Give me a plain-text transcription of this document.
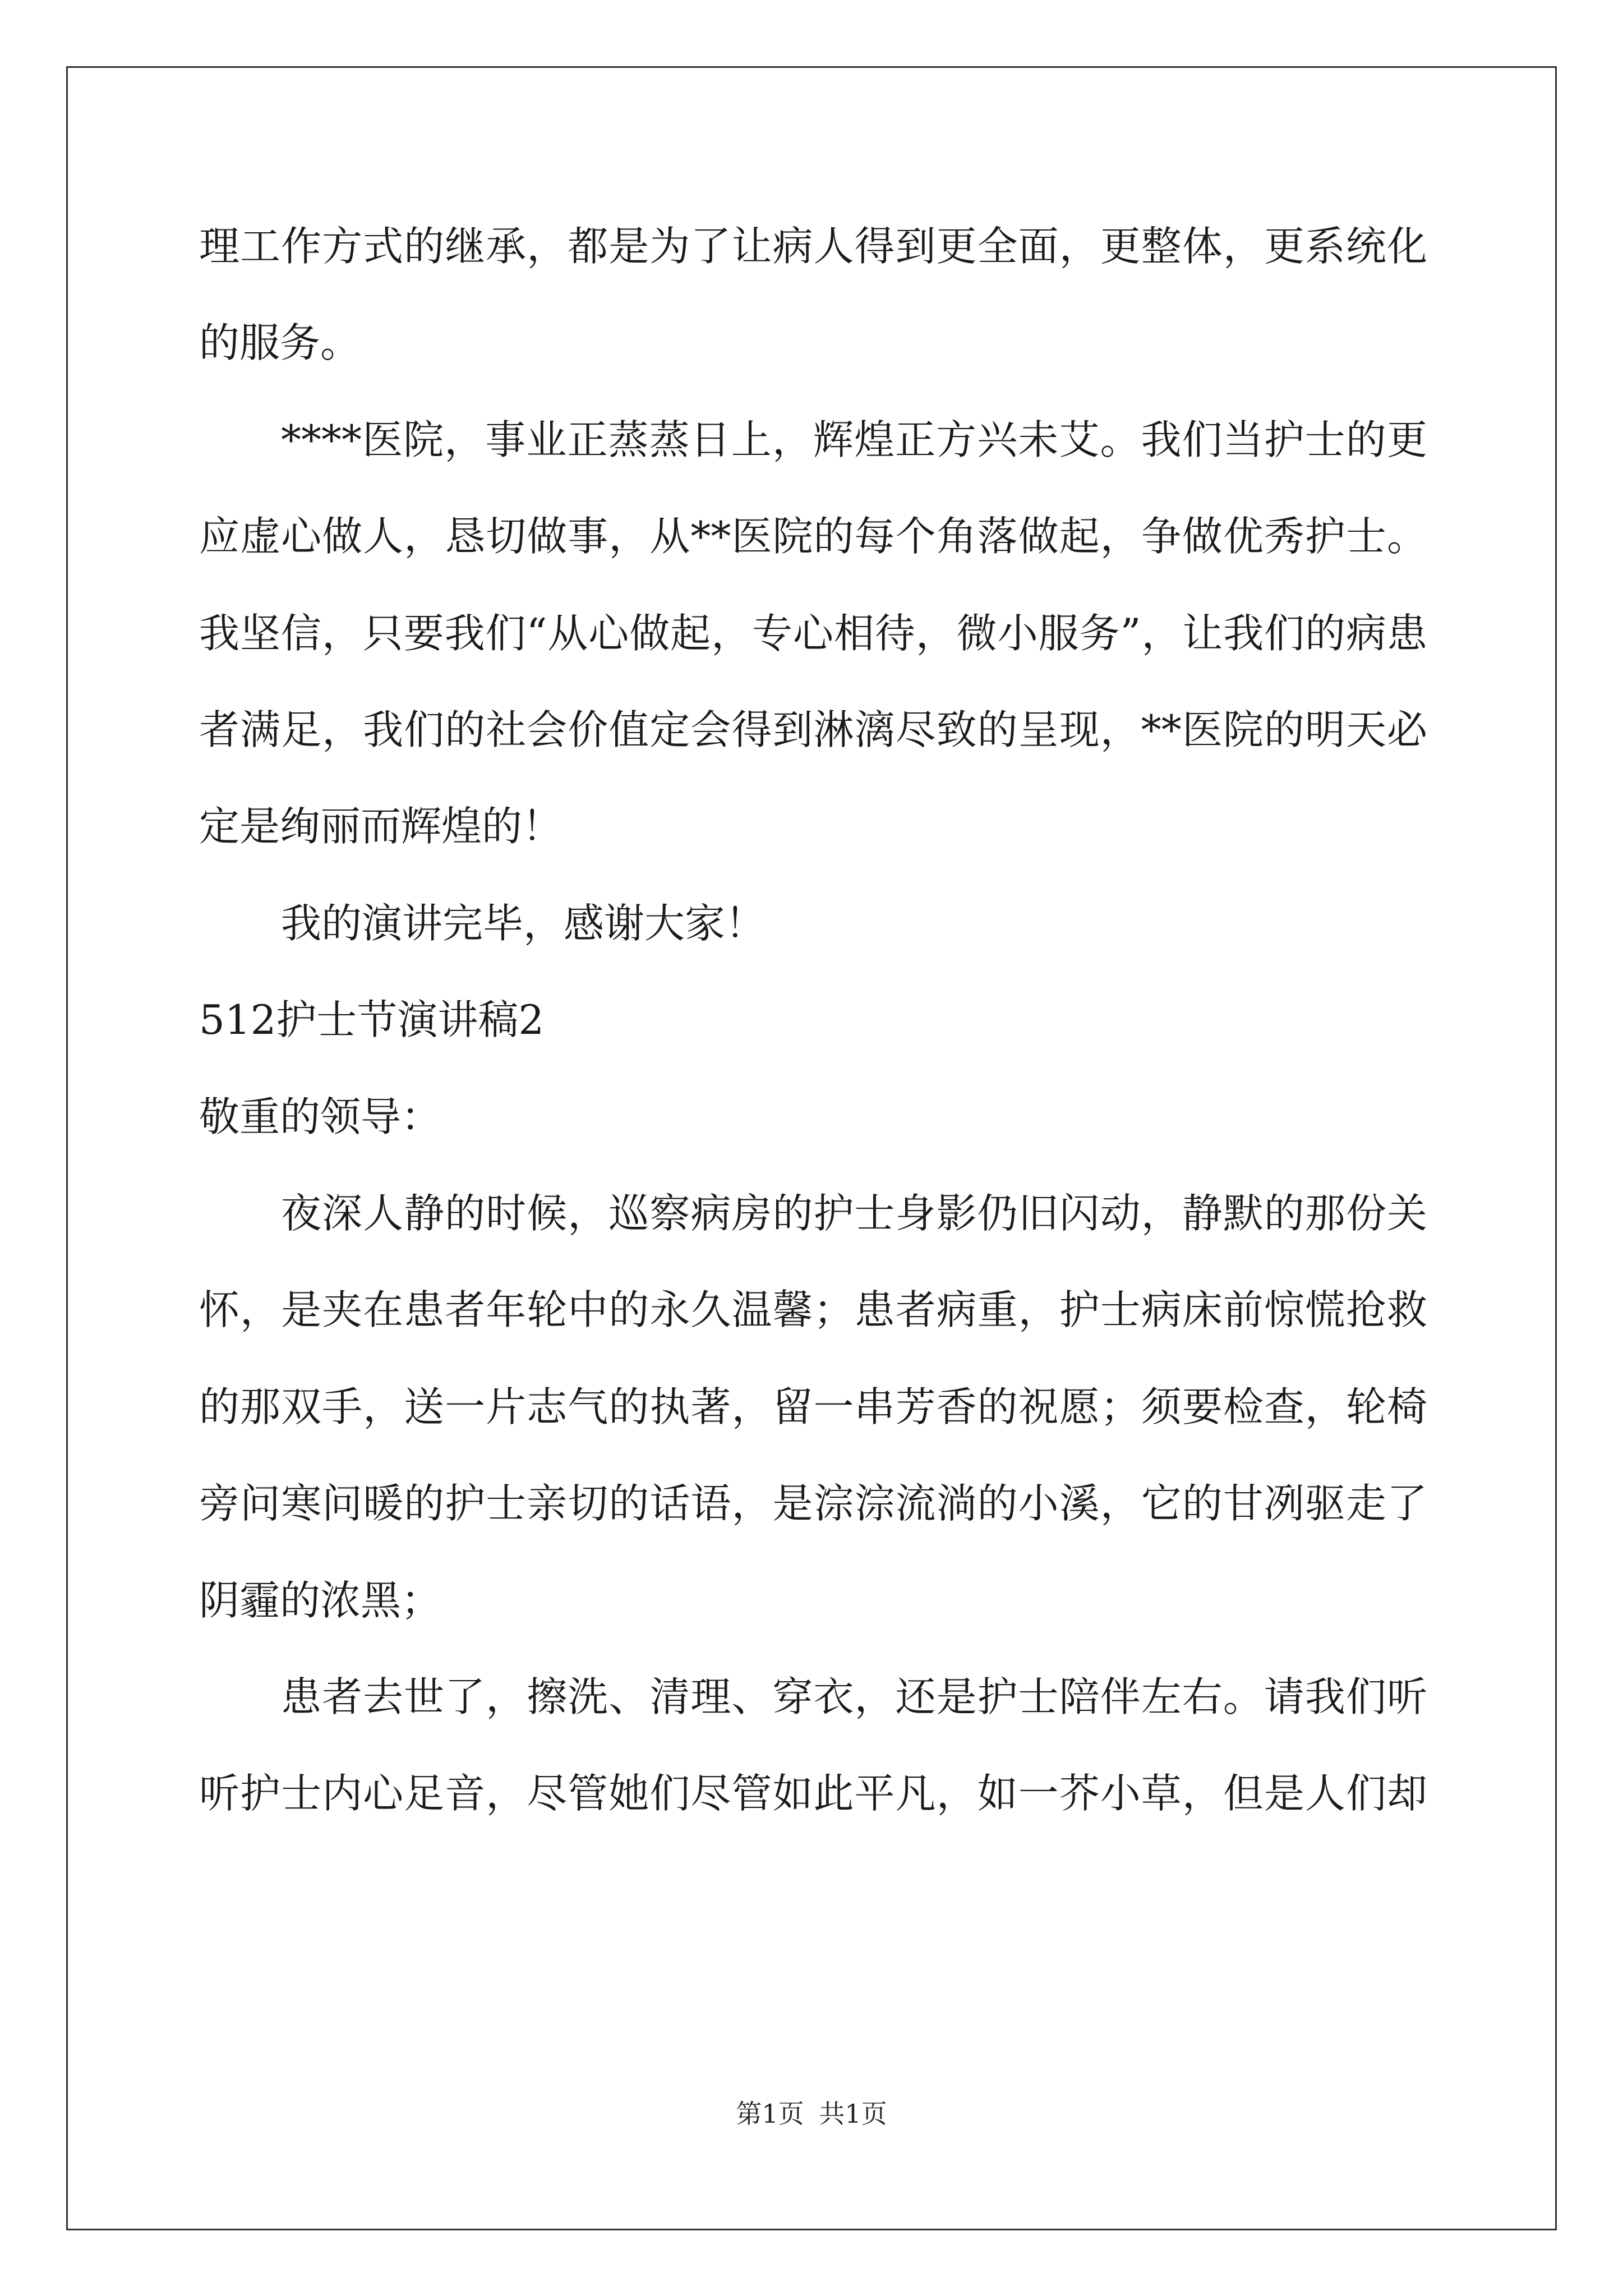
理工作方式的继承，都是为了让病人得到更全面，更整体，更系统化
的服务。
****医院，事业正蒸蒸日上，辉煌正方兴未艾。我们当护士的更
应虚心做人，恳切做事，从**医院的每个角落做起，争做优秀护士。
我坚信，只要我们“从心做起，专心相待，微小服务”，让我们的病患
者满足，我们的社会价值定会得到淋漓尽致的呈现，**医院的明天必
定是绚丽而辉煌的！
我的演讲完毕，感谢大家！
512护士节演讲稿2
敬重的领导：
夜深人静的时候，巡察病房的护士身影仍旧闪动，静默的那份关
怀，是夹在患者年轮中的永久温馨；患者病重，护士病床前惊慌抢救
的那双手，送一片志气的执著，留一串芳香的祝愿；须要检查，轮椅
旁问寒问暖的护士亲切的话语，是淙淙流淌的小溪，它的甘冽驱走了
阴霾的浓黑；
患者去世了，擦洗、清理、穿衣，还是护士陪伴左右。请我们听
听护士内心足音，尽管她们尽管如此平凡，如一芥小草，但是人们却
第1页 共1页
